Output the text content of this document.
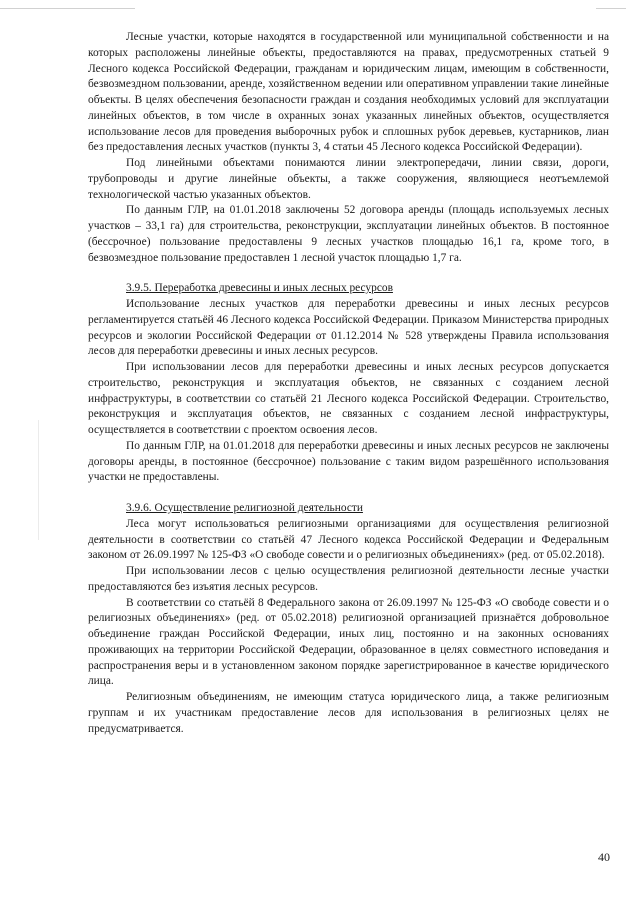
Лесные участки, которые находятся в государственной или муниципальной собственности и на которых расположены линейные объекты, предоставляются на правах, предусмотренных статьей 9 Лесного кодекса Российской Федерации, гражданам и юридическим лицам, имеющим в собственности, безвозмездном пользовании, аренде, хозяйственном ведении или оперативном управлении такие линейные объекты. В целях обеспечения безопасности граждан и создания необходимых условий для эксплуатации линейных объектов, в том числе в охранных зонах указанных линейных объектов, осуществляется использование лесов для проведения выборочных рубок и сплошных рубок деревьев, кустарников, лиан без предоставления лесных участков (пункты 3, 4 статьи 45 Лесного кодекса Российской Федерации).

Под линейными объектами понимаются линии электропередачи, линии связи, дороги, трубопроводы и другие линейные объекты, а также сооружения, являющиеся неотъемлемой технологической частью указанных объектов.

По данным ГЛР, на 01.01.2018 заключены 52 договора аренды (площадь используемых лесных участков – 33,1 га) для строительства, реконструкции, эксплуатации линейных объектов. В постоянное (бессрочное) пользование предоставлены 9 лесных участков площадью 16,1 га, кроме того, в безвозмездное пользование предоставлен 1 лесной участок площадью 1,7 га.

3.9.5. Переработка древесины и иных лесных ресурсов

Использование лесных участков для переработки древесины и иных лесных ресурсов регламентируется статьёй 46 Лесного кодекса Российской Федерации. Приказом Министерства природных ресурсов и экологии Российской Федерации от 01.12.2014 № 528 утверждены Правила использования лесов для переработки древесины и иных лесных ресурсов.

При использовании лесов для переработки древесины и иных лесных ресурсов допускается строительство, реконструкция и эксплуатация объектов, не связанных с созданием лесной инфраструктуры, в соответствии со статьёй 21 Лесного кодекса Российской Федерации. Строительство, реконструкция и эксплуатация объектов, не связанных с созданием лесной инфраструктуры, осуществляется в соответствии с проектом освоения лесов.

По данным ГЛР, на 01.01.2018 для переработки древесины и иных лесных ресурсов не заключены договоры аренды, в постоянное (бессрочное) пользование с таким видом разрешённого использования участки не предоставлены.

3.9.6. Осуществление религиозной деятельности

Леса могут использоваться религиозными организациями для осуществления религиозной деятельности в соответствии со статьёй 47 Лесного кодекса Российской Федерации и Федеральным законом от 26.09.1997 № 125-ФЗ «О свободе совести и о религиозных объединениях» (ред. от 05.02.2018).

При использовании лесов с целью осуществления религиозной деятельности лесные участки предоставляются без изъятия лесных ресурсов.

В соответствии со статьёй 8 Федерального закона от 26.09.1997 № 125-ФЗ «О свободе совести и о религиозных объединениях» (ред. от 05.02.2018) религиозной организацией признаётся добровольное объединение граждан Российской Федерации, иных лиц, постоянно и на законных основаниях проживающих на территории Российской Федерации, образованное в целях совместного исповедания и распространения веры и в установленном законом порядке зарегистрированное в качестве юридического лица.

Религиозным объединениям, не имеющим статуса юридического лица, а также религиозным группам и их участникам предоставление лесов для использования в религиозных целях не предусматривается.

40
